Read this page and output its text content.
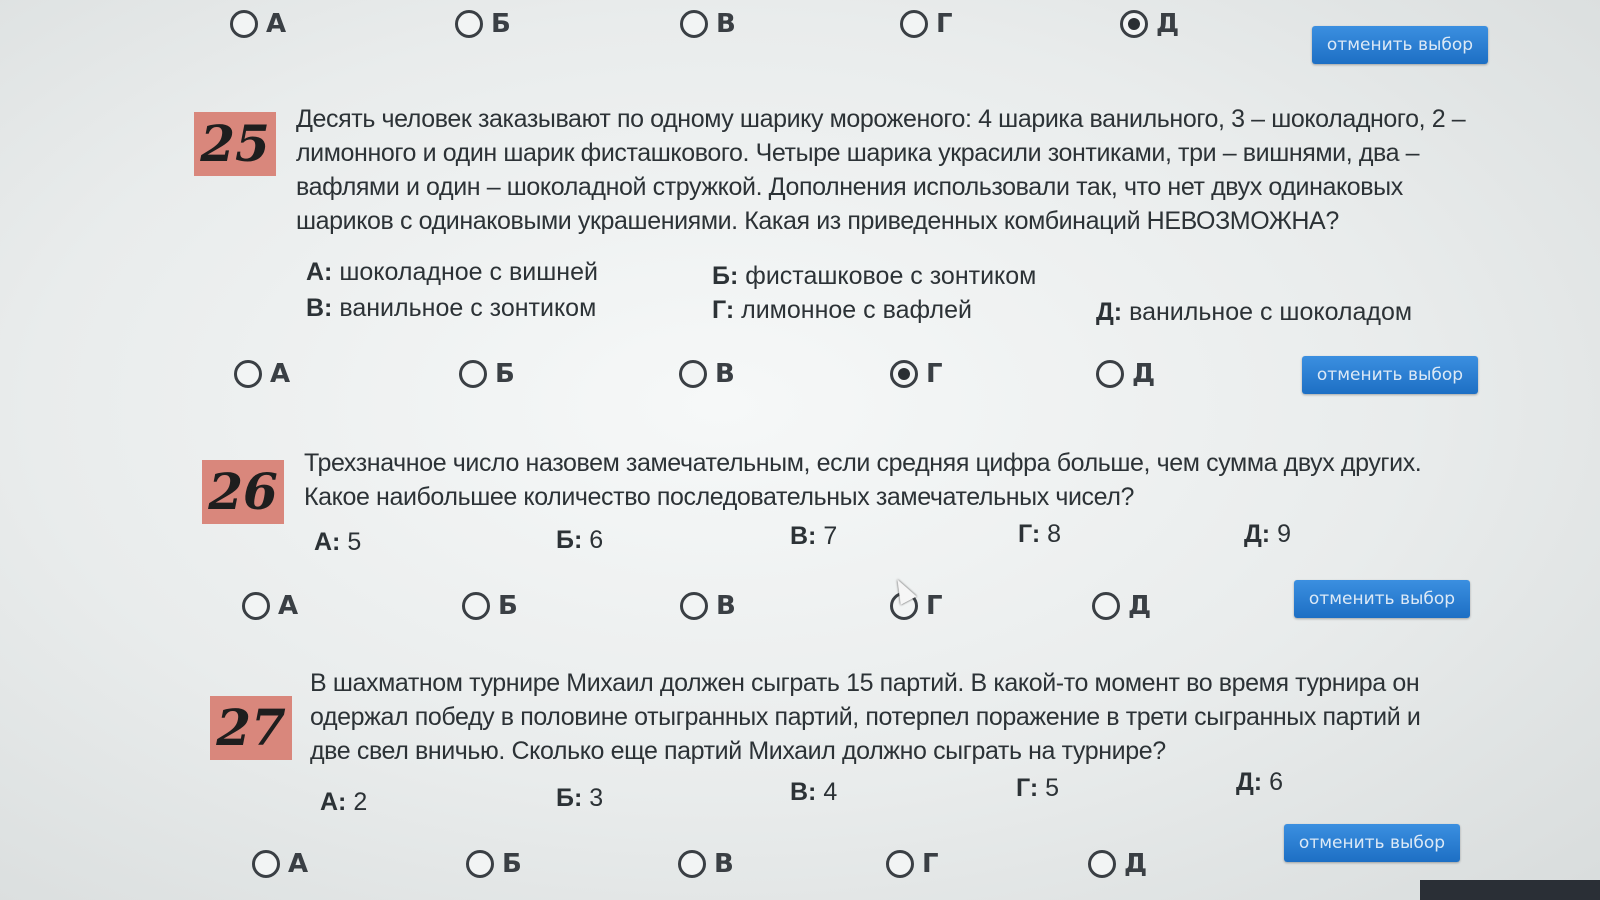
А	Б	В	Г	Д
отменить выбор
25 Десять человек заказывают по одному шарику мороженого: 4 шарика ванильного, 3 – шоколадного, 2 – лимонного и один шарик фисташкового. Четыре шарика украсили зонтиками, три – вишнями, два – вафлями и один – шоколадной стружкой. Дополнения использовали так, что нет двух одинаковых шариков с одинаковыми украшениями. Какая из приведенных комбинаций НЕВОЗМОЖНА?
А: шоколадное с вишней	Б: фисташковое с зонтиком
В: ванильное с зонтиком	Г: лимонное с вафлей	Д: ванильное с шоколадом
А	Б	В	Г	Д	отменить выбор
26 Трехзначное число назовем замечательным, если средняя цифра больше, чем сумма двух других. Какое наибольшее количество последовательных замечательных чисел?
А: 5	Б: 6	В: 7	Г: 8	Д: 9
А	Б	В	Г	Д	отменить выбор
27
В шахматном турнире Михаил должен сыграть 15 партий. В какой-то момент во время турнира он одержал победу в половине отыгранных партий, потерпел поражение в трети сыгранных партий и две свел вничью. Сколько еще партий Михаил должно сыграть на турнире?
А: 2	Б: 3	В: 4	Г: 5	Д: 6
А	Б	В	Г	Д
отменить выбор
